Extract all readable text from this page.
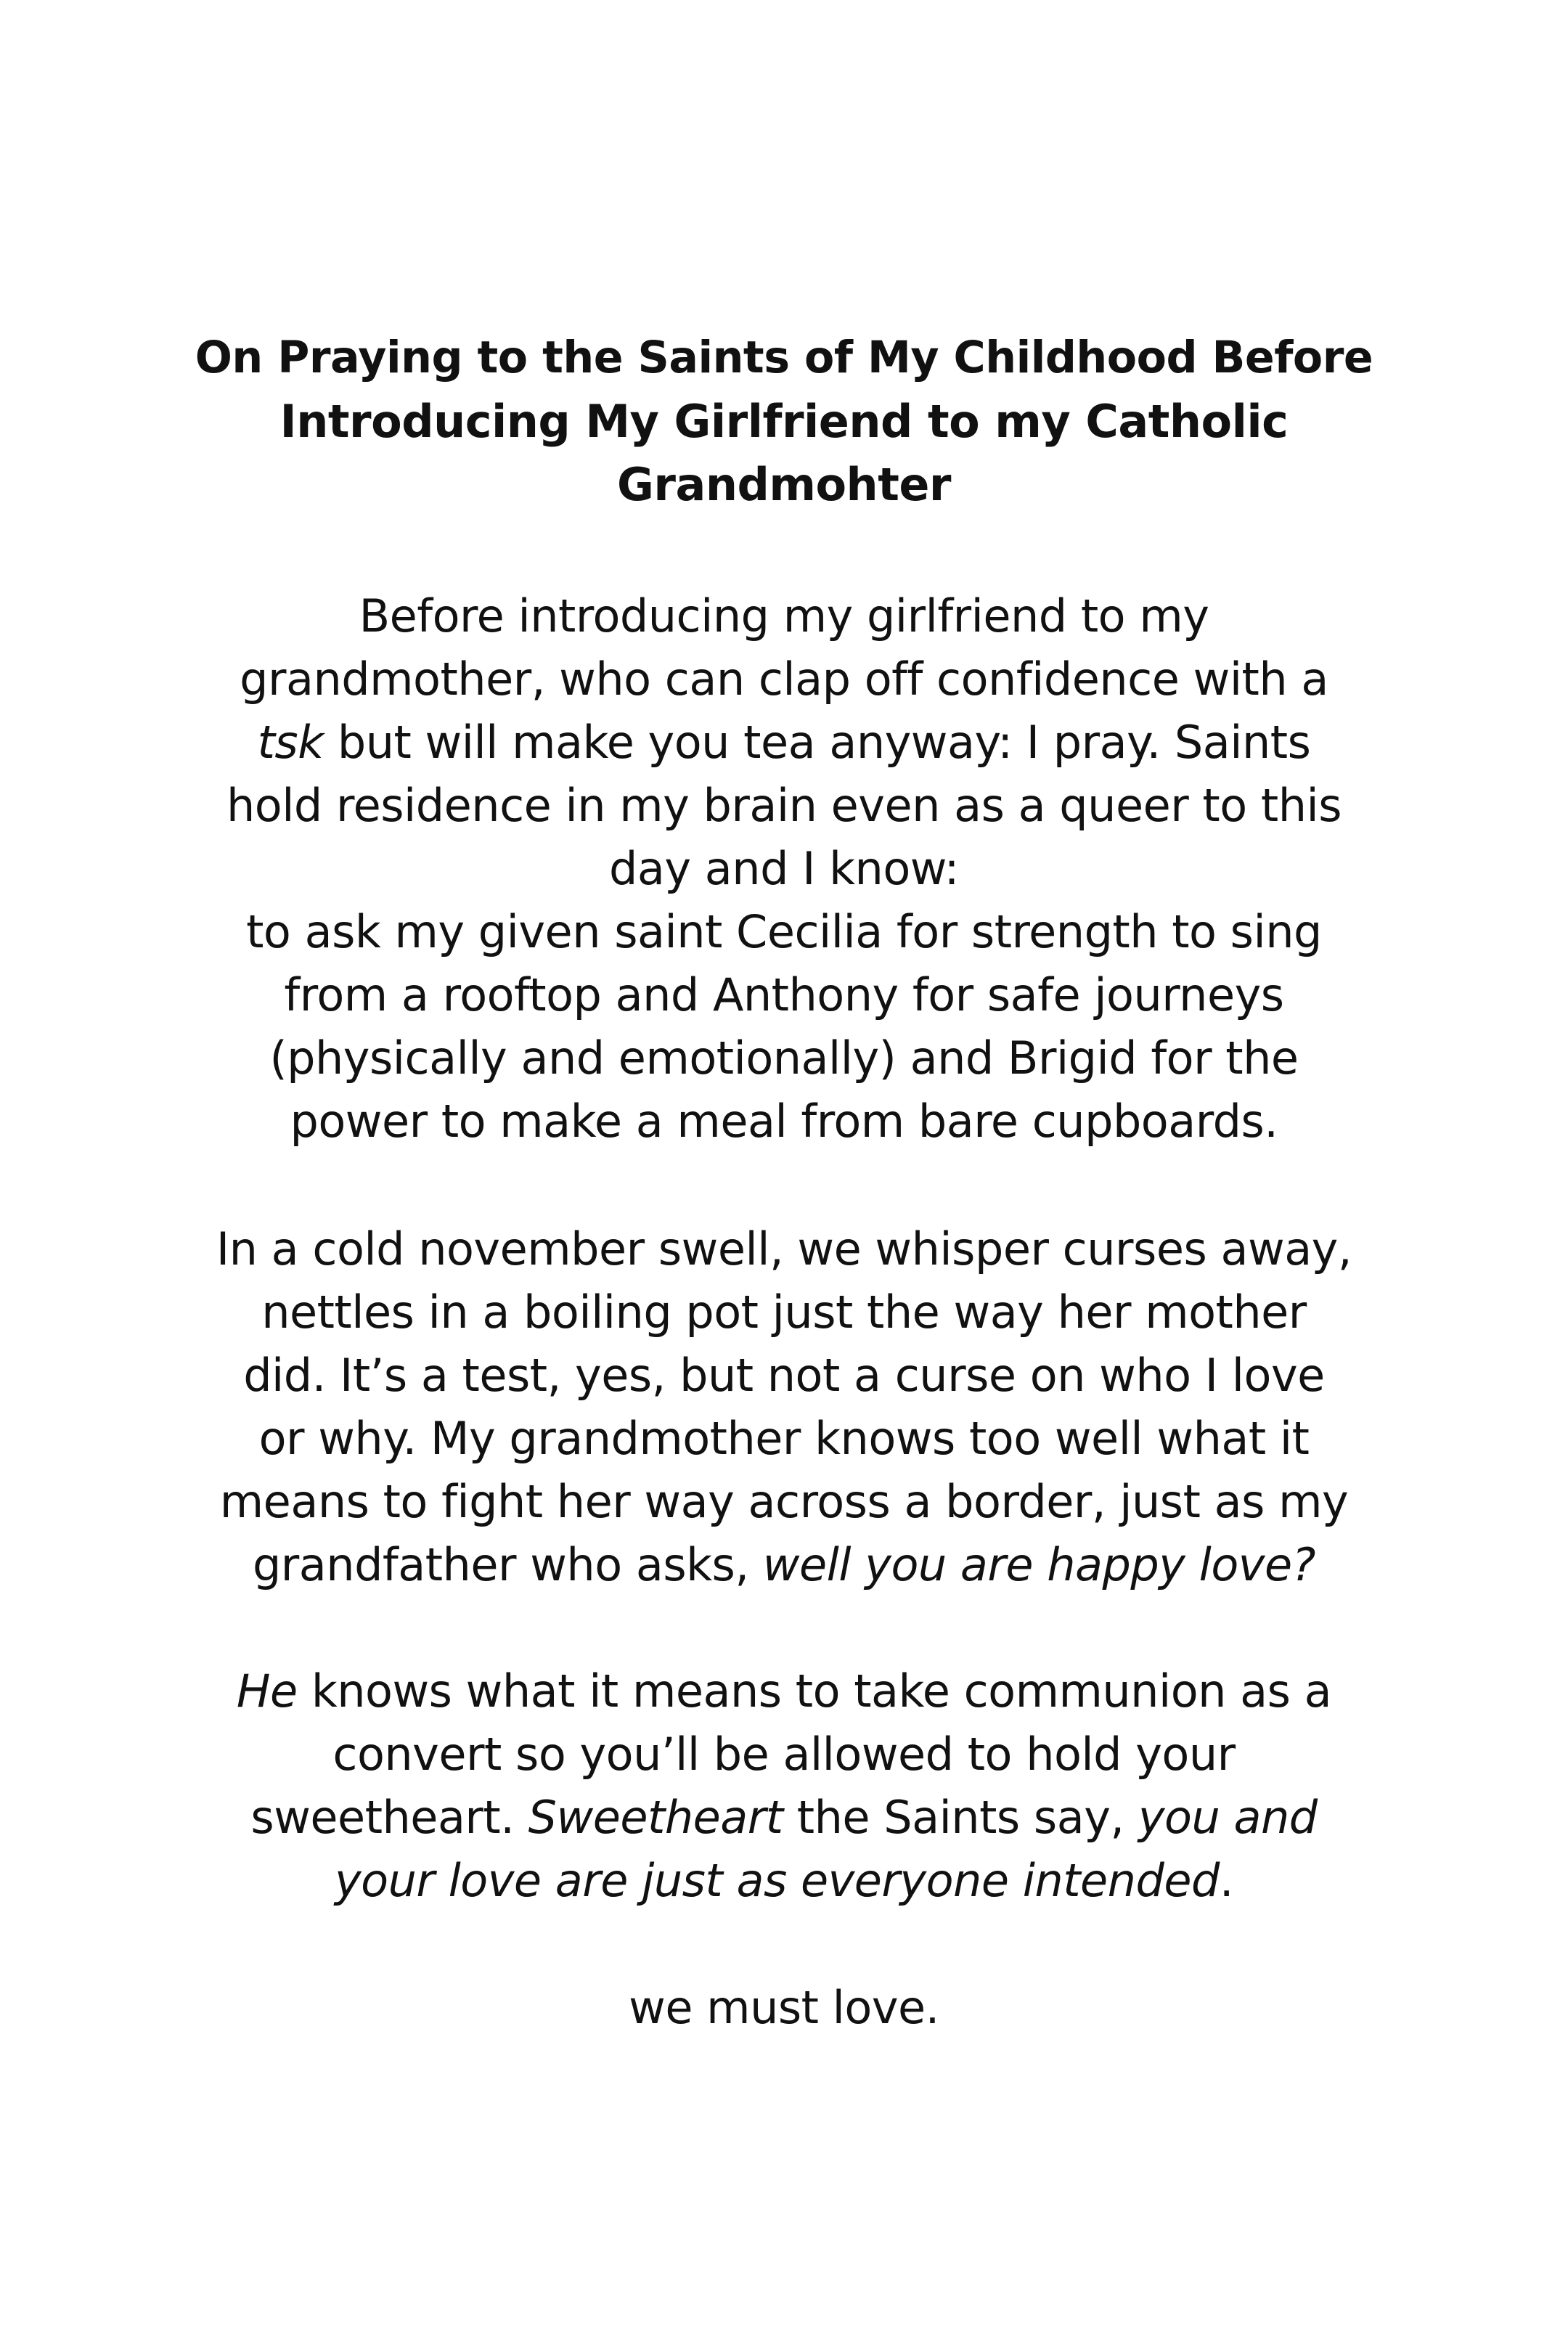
On Praying to the Saints of My Childhood Before
Introducing My Girlfriend to my Catholic
Grandmohter

Before introducing my girlfriend to my
grandmother, who can clap off confidence with a
tsk but will make you tea anyway: I pray. Saints
hold residence in my brain even as a queer to this
day and I know:
to ask my given saint Cecilia for strength to sing
from a rooftop and Anthony for safe journeys
(physically and emotionally) and Brigid for the
power to make a meal from bare cupboards.

In a cold november swell, we whisper curses away,
nettles in a boiling pot just the way her mother
did. It’s a test, yes, but not a curse on who I love
or why. My grandmother knows too well what it
means to fight her way across a border, just as my
grandfather who asks, well you are happy love?

He knows what it means to take communion as a
convert so you’ll be allowed to hold your
sweetheart. Sweetheart the Saints say, you and
your love are just as everyone intended.

we must love.
